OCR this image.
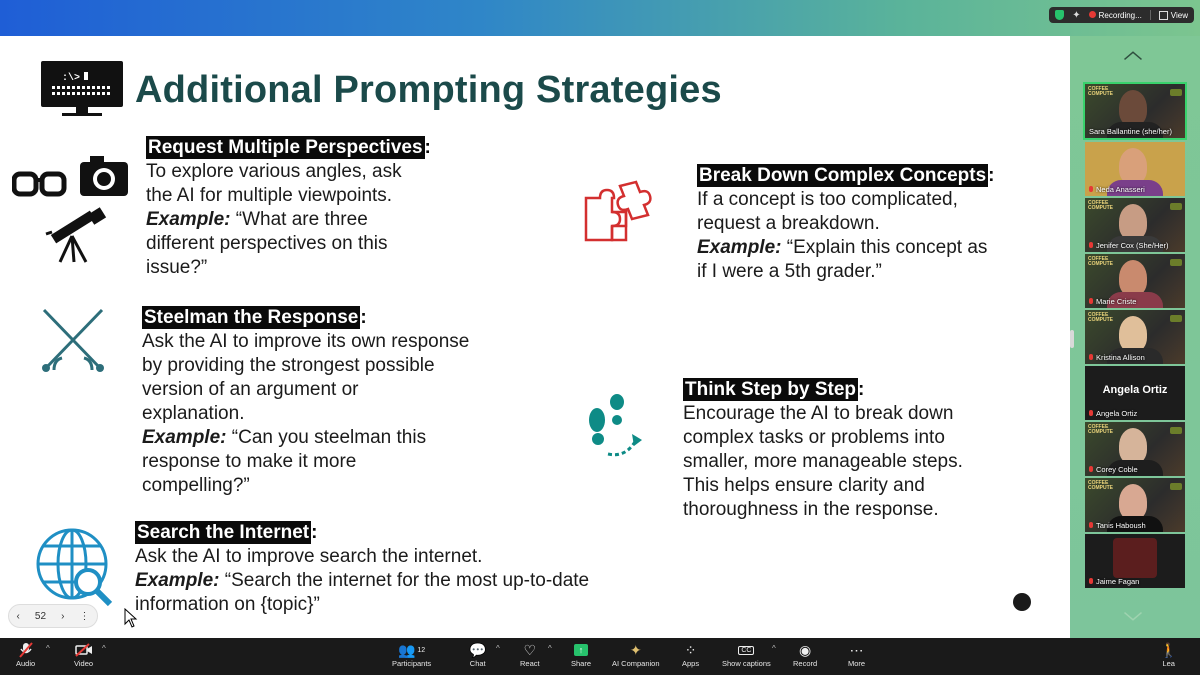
✦	Recording...	View
:\> Additional Prompting Strategies
Request Multiple Perspectives :
To explore various angles, ask
the AI for multiple viewpoints.
Example: “What are three
different perspectives on this
issue?”
Steelman the Response :
Ask the AI to improve its own response
by providing the strongest possible
version of an argument or
explanation.
Example: “Can you steelman this
response to make it more
compelling?”
Search the Internet :
Ask the AI to improve search the internet.
Example: “Search the internet for the most up-to-date
information on {topic}”
Break Down Complex Concepts :
If a concept is too complicated,
request a breakdown.
Example: “Explain this concept as
if I were a 5th grader.”
Think Step by Step :
Encourage the AI to break down
complex tasks or problems into
smaller, more manageable steps.
This helps ensure clarity and
thoroughness in the response.
‹ 52 › ⋮
︿
﹀
COFFEE
COMPUTE
Sara Ballantine (she/her)
Neda Anasseri
COFFEE
COMPUTE
Jenifer Cox (She/Her)
COFFEE
COMPUTE
Marie Criste
COFFEE
COMPUTE
Kristina Allison
Angela Ortiz
Angela Ortiz
COFFEE
COMPUTE
Corey Coble
COFFEE
COMPUTE
Tanis Haboush
Jaime Fagan
Audio
^
Video
^	👥 12
Participants
💬
Chat
^ ♡
React
^	↑
Share
✦
AI Companion
⁘
Apps
CC
Show captions
^ ◉
Record
⋯
More
🚶
Lea
